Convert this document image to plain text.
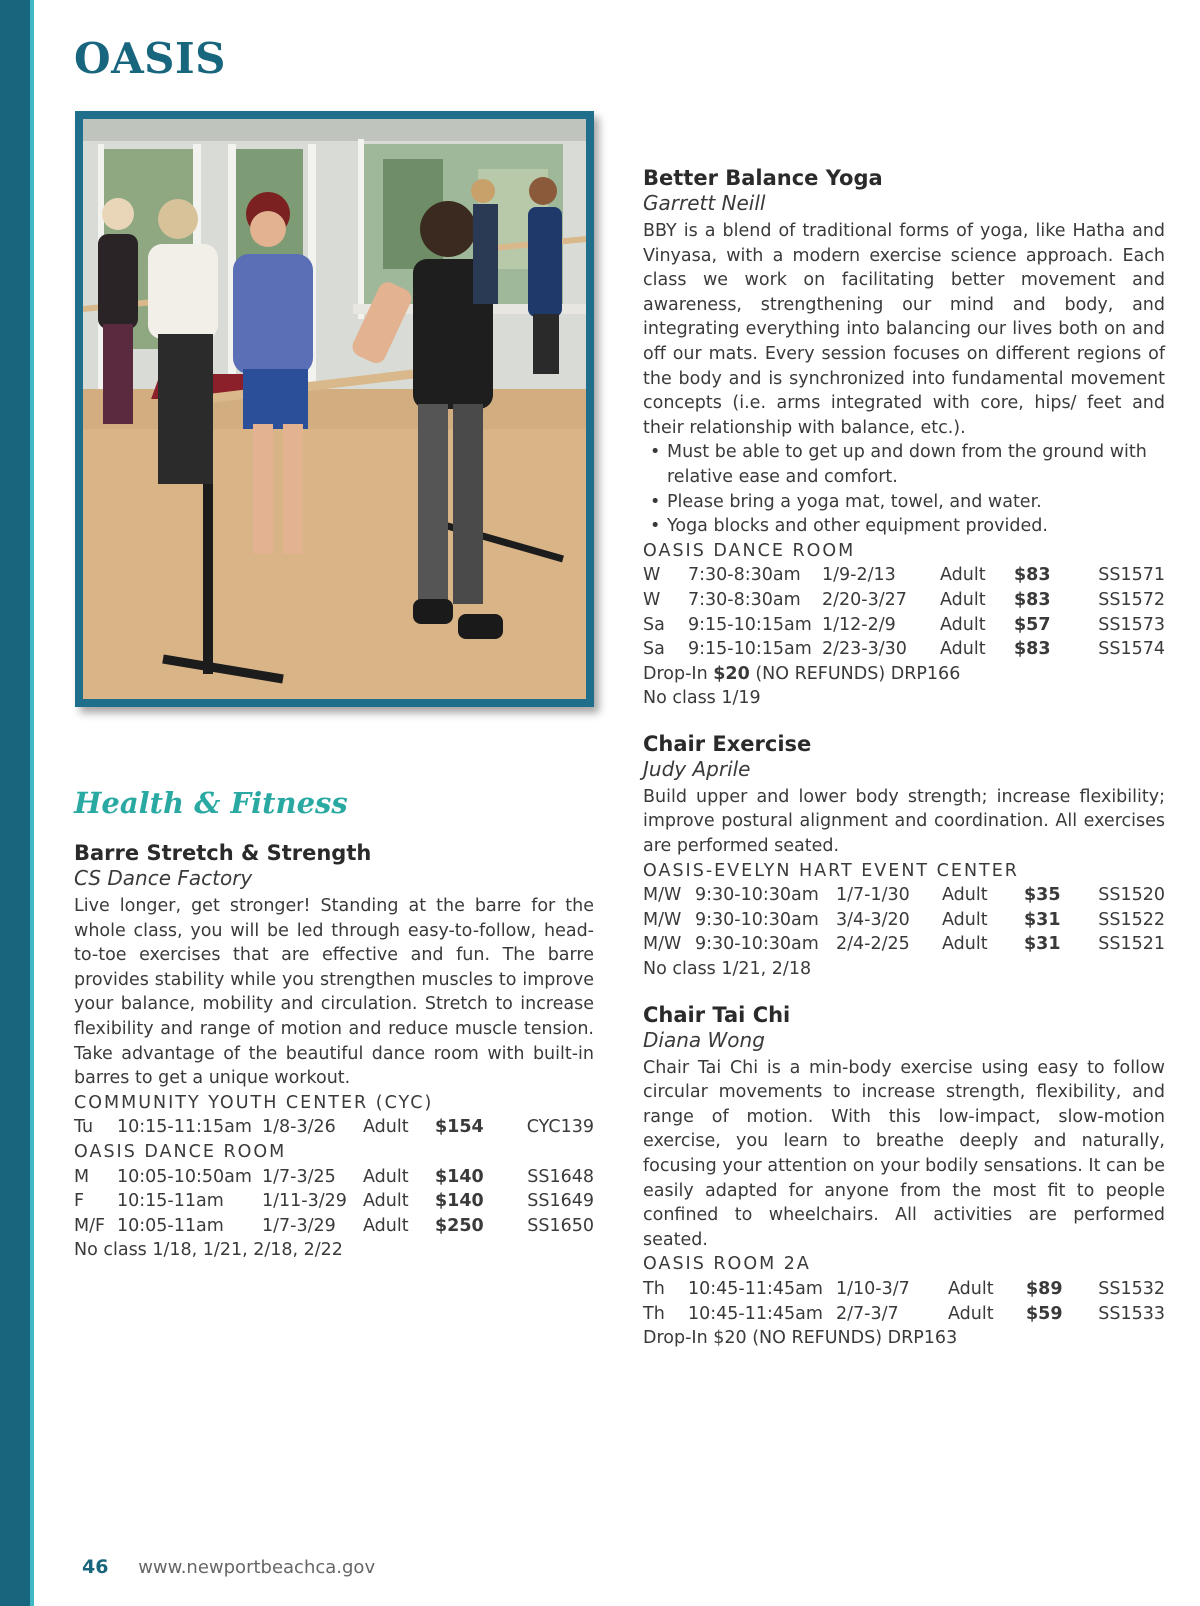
OASIS
Health & Fitness
Barre Stretch & Strength
CS Dance Factory

Live longer, get stronger! Standing at the barre for the whole class, you will be led through easy-to-follow, head-to-toe exercises that are effective and fun. The barre provides stability while you strengthen muscles to improve your balance, mobility and circulation. Stretch to increase flexibility and range of motion and reduce muscle tension. Take advantage of the beautiful dance room with built-in barres to get a unique workout.

COMMUNITY YOUTH CENTER (CYC)
Tu	10:15-11:15am	1/8-3/26	Adult	$154	CYC139
OASIS DANCE ROOM
M	10:05-10:50am	1/7-3/25	Adult	$140	SS1648
F	10:15-11am	1/11-3/29	Adult	$140	SS1649
M/F	10:05-11am	1/7-3/29	Adult	$250	SS1650
No class 1/18, 1/21, 2/18, 2/22
Better Balance Yoga
Garrett Neill

BBY is a blend of traditional forms of yoga, like Hatha and Vinyasa, with a modern exercise science approach. Each class we work on facilitating better movement and awareness, strengthening our mind and body, and integrating everything into balancing our lives both on and off our mats. Every session focuses on different regions of the body and is synchronized into fundamental movement concepts (i.e. arms integrated with core, hips/ feet and their relationship with balance, etc.).

• Must be able to get up and down from the ground with relative ease and comfort.
• Please bring a yoga mat, towel, and water.
• Yoga blocks and other equipment provided.
OASIS DANCE ROOM
W	7:30-8:30am	1/9-2/13	Adult	$83	SS1571
W	7:30-8:30am	2/20-3/27	Adult	$83	SS1572
Sa	9:15-10:15am	1/12-2/9	Adult	$57	SS1573
Sa	9:15-10:15am	2/23-3/30	Adult	$83	SS1574
Drop-In $20 (NO REFUNDS) DRP166
No class 1/19
Chair Exercise
Judy Aprile

Build upper and lower body strength; increase flexibility; improve postural alignment and coordination. All exercises are performed seated.

OASIS-EVELYN HART EVENT CENTER
M/W	9:30-10:30am	1/7-1/30	Adult	$35	SS1520
M/W	9:30-10:30am	3/4-3/20	Adult	$31	SS1522
M/W	9:30-10:30am	2/4-2/25	Adult	$31	SS1521
No class 1/21, 2/18
Chair Tai Chi
Diana Wong

Chair Tai Chi is a min-body exercise using easy to follow circular movements to increase strength, flexibility, and range of motion. With this low-impact, slow-motion exercise, you learn to breathe deeply and naturally, focusing your attention on your bodily sensations. It can be easily adapted for anyone from the most fit to people confined to wheelchairs. All activities are performed seated.

OASIS ROOM 2A
Th	10:45-11:45am	1/10-3/7	Adult	$89	SS1532
Th	10:45-11:45am	2/7-3/7	Adult	$59	SS1533
Drop-In $20 (NO REFUNDS) DRP163
46 www.newportbeachca.gov
